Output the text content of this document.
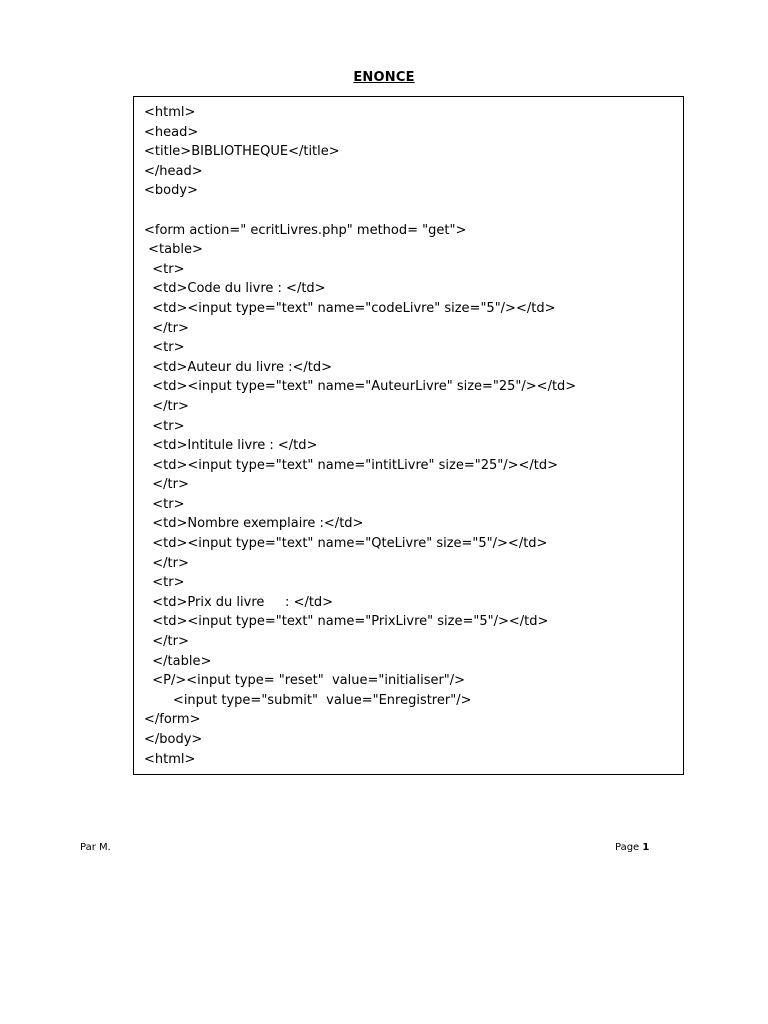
ENONCE
<html>
<head>
<title>BIBLIOTHEQUE</title>
</head>
<body>
<form action=" ecritLivres.php" method= "get">
<table>
<tr>
<td>Code du livre : </td>
<td><input type="text" name="codeLivre" size="5"/></td>
</tr>
<tr>
<td>Auteur du livre :</td>
<td><input type="text" name="AuteurLivre" size="25"/></td>
</tr>
<tr>
<td>Intitule livre : </td>
<td><input type="text" name="intitLivre" size="25"/></td>
</tr>
<tr>
<td>Nombre exemplaire :</td>
<td><input type="text" name="QteLivre" size="5"/></td>
</tr>
<tr>
<td>Prix du livre     : </td>
<td><input type="text" name="PrixLivre" size="5"/></td>
</tr>
</table>
<P/><input type= "reset"  value="initialiser"/>
<input type="submit"  value="Enregistrer"/>
</form>
</body>
<html>
Par M.	Page 1
